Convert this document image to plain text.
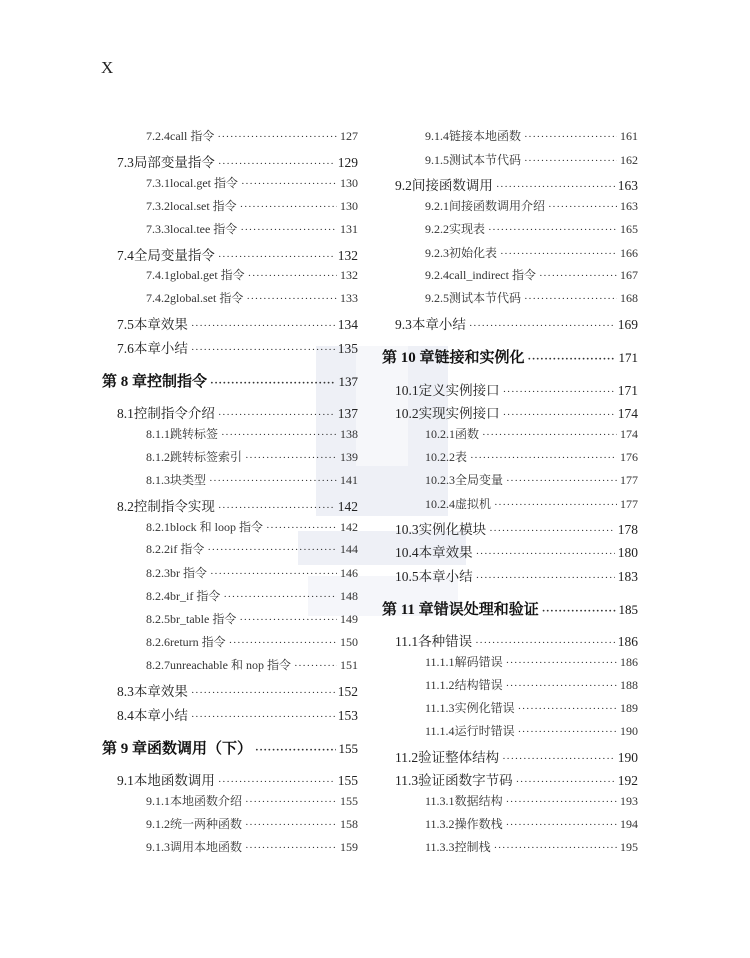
X
7.2.4 call 指令 ·····	127
7.3 局部变量指令 ·····	129
7.3.1 local.get 指令 ·····	130
7.3.2 local.set 指令 ·····	130
7.3.3 local.tee 指令 ·····	131
7.4 全局变量指令 ·····	132
7.4.1 global.get 指令 ·····	132
7.4.2 global.set 指令 ·····	133
7.5 本章效果 ·····	134
7.6 本章小结 ·····	135
第 8 章 控制指令 ·····	137
8.1 控制指令介绍 ·····	137
8.1.1 跳转标签 ·····	138
8.1.2 跳转标签索引 ·····	139
8.1.3 块类型 ·····	141
8.2 控制指令实现 ·····	142
8.2.1 block 和 loop 指令 ·····	142
8.2.2 if 指令 ·····	144
8.2.3 br 指令 ·····	146
8.2.4 br_if 指令 ·····	148
8.2.5 br_table 指令 ·····	149
8.2.6 return 指令 ·····	150
8.2.7 unreachable 和 nop 指令 ·····	151
8.3 本章效果 ·····	152
8.4 本章小结 ·····	153
第 9 章 函数调用（下） ·····	155
9.1 本地函数调用 ·····	155
9.1.1 本地函数介绍 ·····	155
9.1.2 统一两种函数 ·····	158
9.1.3 调用本地函数 ·····	159
9.1.4 链接本地函数 ·····	161
9.1.5 测试本节代码 ·····	162
9.2 间接函数调用 ·····	163
9.2.1 间接函数调用介绍 ·····	163
9.2.2 实现表 ·····	165
9.2.3 初始化表 ·····	166
9.2.4 call_indirect 指令 ·····	167
9.2.5 测试本节代码 ·····	168
9.3 本章小结 ·····	169
第 10 章 链接和实例化 ·····	171
10.1 定义实例接口 ·····	171
10.2 实现实例接口 ·····	174
10.2.1 函数 ·····	174
10.2.2 表 ·····	176
10.2.3 全局变量 ·····	177
10.2.4 虚拟机 ·····	177
10.3 实例化模块 ·····	178
10.4 本章效果 ·····	180
10.5 本章小结 ·····	183
第 11 章 错误处理和验证 ·····	185
11.1 各种错误 ·····	186
11.1.1 解码错误 ·····	186
11.1.2 结构错误 ·····	188
11.1.3 实例化错误 ·····	189
11.1.4 运行时错误 ·····	190
11.2 验证整体结构 ·····	190
11.3 验证函数字节码 ·····	192
11.3.1 数据结构 ·····	193
11.3.2 操作数栈 ·····	194
11.3.3 控制栈 ·····	195
